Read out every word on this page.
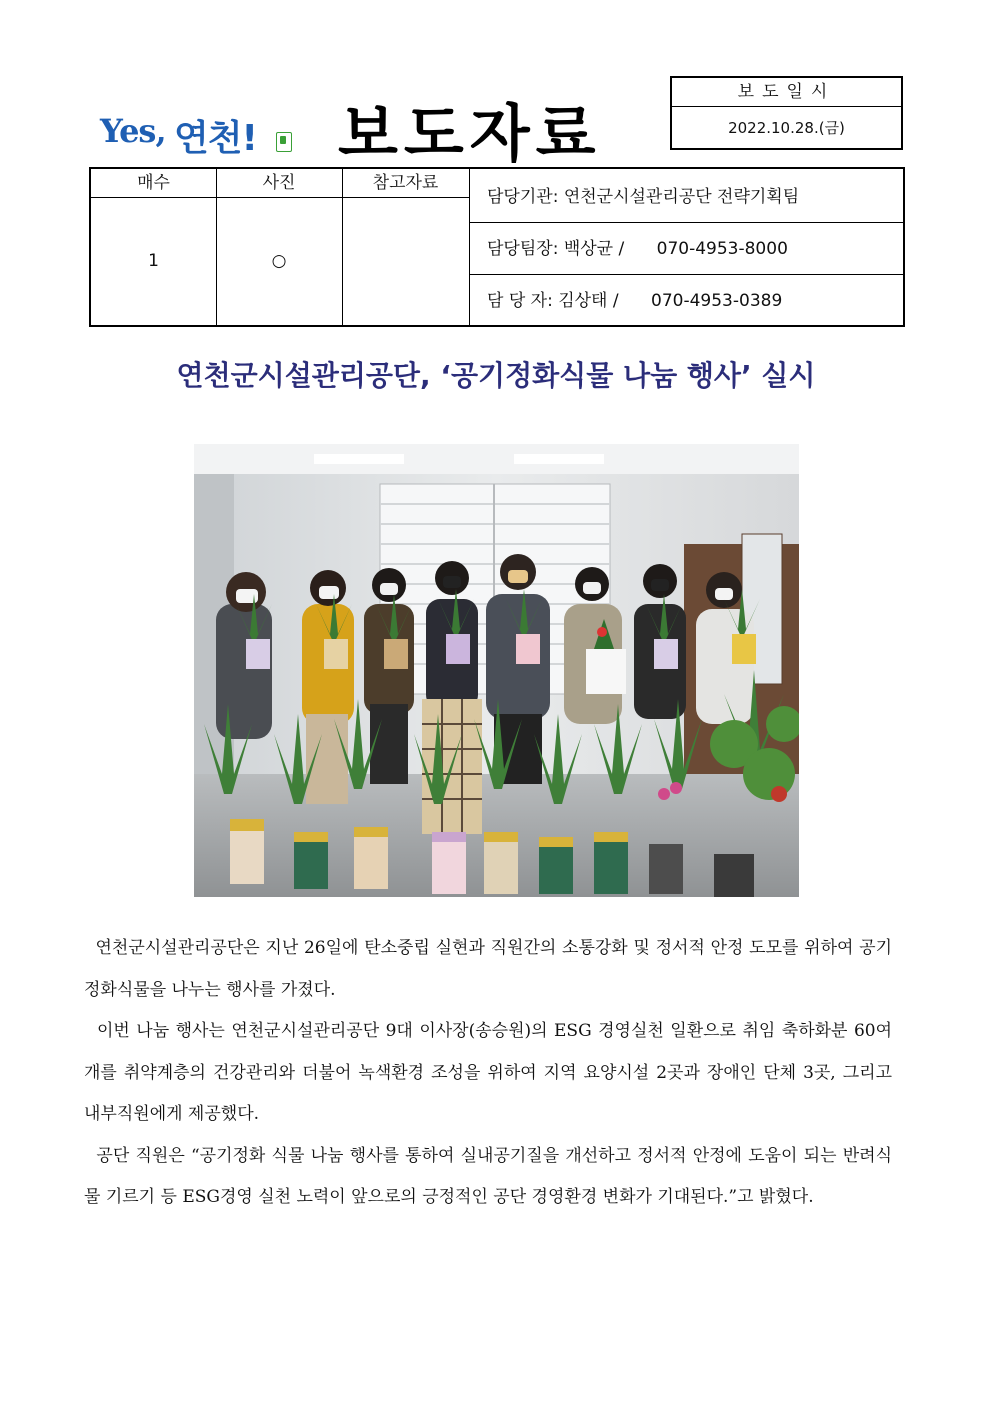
Yes, 연천! 보도자료
보도일시
2022.10.28.(금)
매수	사진	참고자료
1	○
담당기관: 연천군시설관리공단 전략기획팀
담당팀장: 백상균 /      070-4953-8000
담 당 자: 김상태 /      070-4953-0389
연천군시설관리공단, ‘공기정화식물 나눔 행사’ 실시

연천군시설관리공단은 지난 26일에 탄소중립 실현과 직원간의 소통강화 및 정서적 안정 도모를 위하여 공기정화식물을 나누는 행사를 가졌다.

이번 나눔 행사는 연천군시설관리공단 9대 이사장(송승원)의 ESG 경영실천 일환으로 취임 축하화분 60여개를 취약계층의 건강관리와 더불어 녹색환경 조성을 위하여 지역 요양시설 2곳과 장애인 단체 3곳, 그리고 내부직원에게 제공했다.

공단 직원은 “공기정화 식물 나눔 행사를 통하여 실내공기질을 개선하고 정서적 안정에 도움이 되는 반려식물 기르기 등 ESG경영 실천 노력이 앞으로의 긍정적인 공단 경영환경 변화가 기대된다.”고 밝혔다.
